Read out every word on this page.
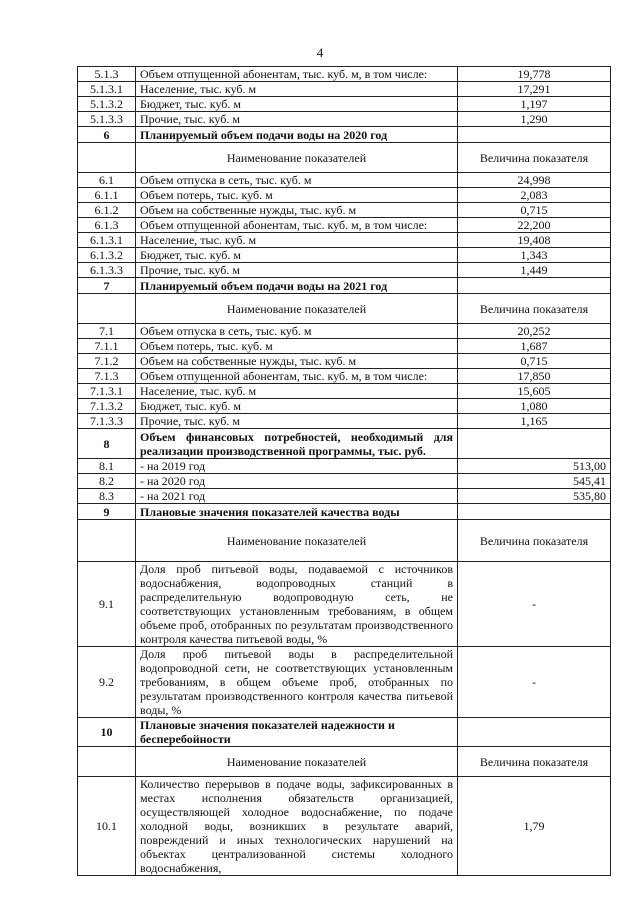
4
5.1.3	Объем отпущенной абонентам, тыс. куб. м, в том числе:	19,778
5.1.3.1	Население, тыс. куб. м	17,291
5.1.3.2	Бюджет, тыс. куб. м	1,197
5.1.3.3	Прочие, тыс. куб. м	1,290
6	Планируемый объем подачи воды на 2020 год	
	Наименование показателей	Величина показателя
6.1	Объем отпуска в сеть, тыс. куб. м	24,998
6.1.1	Объем потерь, тыс. куб. м	2,083
6.1.2	Объем на собственные нужды, тыс. куб. м	0,715
6.1.3	Объем отпущенной абонентам, тыс. куб. м, в том числе:	22,200
6.1.3.1	Население, тыс. куб. м	19,408
6.1.3.2	Бюджет, тыс. куб. м	1,343
6.1.3.3	Прочие, тыс. куб. м	1,449
7	Планируемый объем подачи воды на 2021 год	
	Наименование показателей	Величина показателя
7.1	Объем отпуска в сеть, тыс. куб. м	20,252
7.1.1	Объем потерь, тыс. куб. м	1,687
7.1.2	Объем на собственные нужды, тыс. куб. м	0,715
7.1.3	Объем отпущенной абонентам, тыс. куб. м, в том числе:	17,850
7.1.3.1	Население, тыс. куб. м	15,605
7.1.3.2	Бюджет, тыс. куб. м	1,080
7.1.3.3	Прочие, тыс. куб. м	1,165
8	Объем финансовых потребностей, необходимый для реализации производственной программы, тыс. руб.	
8.1	- на 2019 год	513,00
8.2	- на 2020 год	545,41
8.3	- на 2021 год	535,80
9	Плановые значения показателей качества воды	
	Наименование показателей	Величина показателя
9.1	Доля проб питьевой воды, подаваемой с источников водоснабжения, водопроводных станций в распределительную водопроводную сеть, не соответствующих установленным требованиям, в общем объеме проб, отобранных по результатам производственного контроля качества питьевой воды, %	-
9.2	Доля проб питьевой воды в распределительной водопроводной сети, не соответствующих установленным требованиям, в общем объеме проб, отобранных по результатам производственного контроля качества питьевой воды, %	-
10	Плановые значения показателей надежности и бесперебойности	
	Наименование показателей	Величина показателя
10.1	Количество перерывов в подаче воды, зафиксированных в местах исполнения обязательств организацией, осуществляющей холодное водоснабжение, по подаче холодной воды, возникших в результате аварий, повреждений и иных технологических нарушений на объектах централизованной системы холодного водоснабжения,	1,79
